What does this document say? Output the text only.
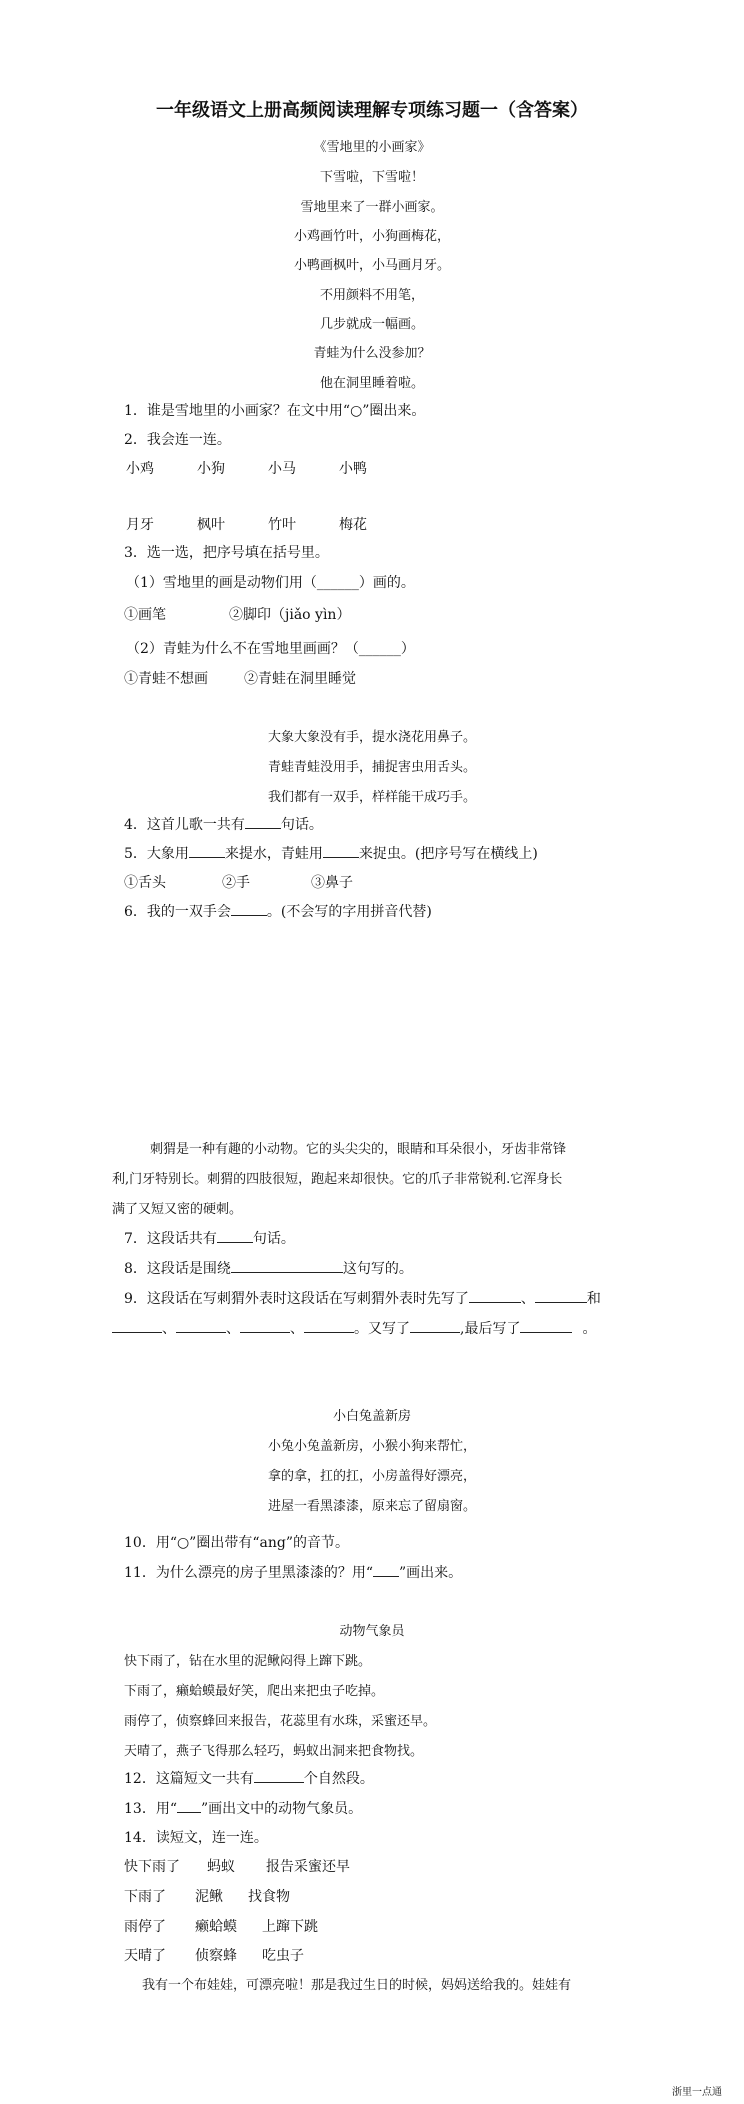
一年级语文上册高频阅读理解专项练习题一（含答案）
《雪地里的小画家》
下雪啦，下雪啦！
雪地里来了一群小画家。
小鸡画竹叶，小狗画梅花，
小鸭画枫叶，小马画月牙。
不用颜料不用笔，
几步就成一幅画。
青蛙为什么没参加？
他在洞里睡着啦。
1．谁是雪地里的小画家？在文中用“○”圈出来。
2．我会连一连。
小鸡	小狗	小马	小鸭
月牙	枫叶	竹叶	梅花
3．选一选，把序号填在括号里。
（1）雪地里的画是动物们用（______）画的。
①画笔	②脚印（jiǎo yìn）
（2）青蛙为什么不在雪地里画画？（______）
①青蛙不想画	②青蛙在洞里睡觉
大象大象没有手，提水浇花用鼻子。
青蛙青蛙没用手，捕捉害虫用舌头。
我们都有一双手，样样能干成巧手。
4．这首儿歌一共有	句话。
5．大象用	来提水，青蛙用	来捉虫。(把序号写在横线上)
①舌头	②手	③鼻子
6．我的一双手会	。(不会写的字用拼音代替)
刺猬是一种有趣的小动物。它的头尖尖的，眼睛和耳朵很小，牙齿非常锋
利,门牙特别长。刺猬的四肢很短，跑起来却很快。它的爪子非常锐利.它浑身长
满了又短又密的硬刺。
7．这段话共有	句话。
8．这段话是围绕	这句写的。
9．这段话在写刺猬外表时这段话在写刺猬外表时先写了	、	和
、	、	、	。又写了	,最后写了	。
小白兔盖新房
小兔小兔盖新房，小猴小狗来帮忙，
拿的拿，扛的扛，小房盖得好漂亮，
进屋一看黑漆漆，原来忘了留扇窗。
10．用“○”圈出带有“ang”的音节。
11．为什么漂亮的房子里黑漆漆的？用“ ”画出来。
动物气象员
快下雨了，钻在水里的泥鳅闷得上蹿下跳。
下雨了，癞蛤蟆最好笑，爬出来把虫子吃掉。
雨停了，侦察蜂回来报告，花蕊里有水珠，采蜜还早。
天晴了，燕子飞得那么轻巧，蚂蚁出洞来把食物找。
12．这篇短文一共有	个自然段。
13．用“ ”画出文中的动物气象员。
14．读短文，连一连。
快下雨了 蚂蚁 报告采蜜还早
下雨了 泥鳅 找食物
雨停了 癞蛤蟆 上蹿下跳
天晴了 侦察蜂 吃虫子
我有一个布娃娃，可漂亮啦！那是我过生日的时候，妈妈送给我的。娃娃有
浙里一点通
